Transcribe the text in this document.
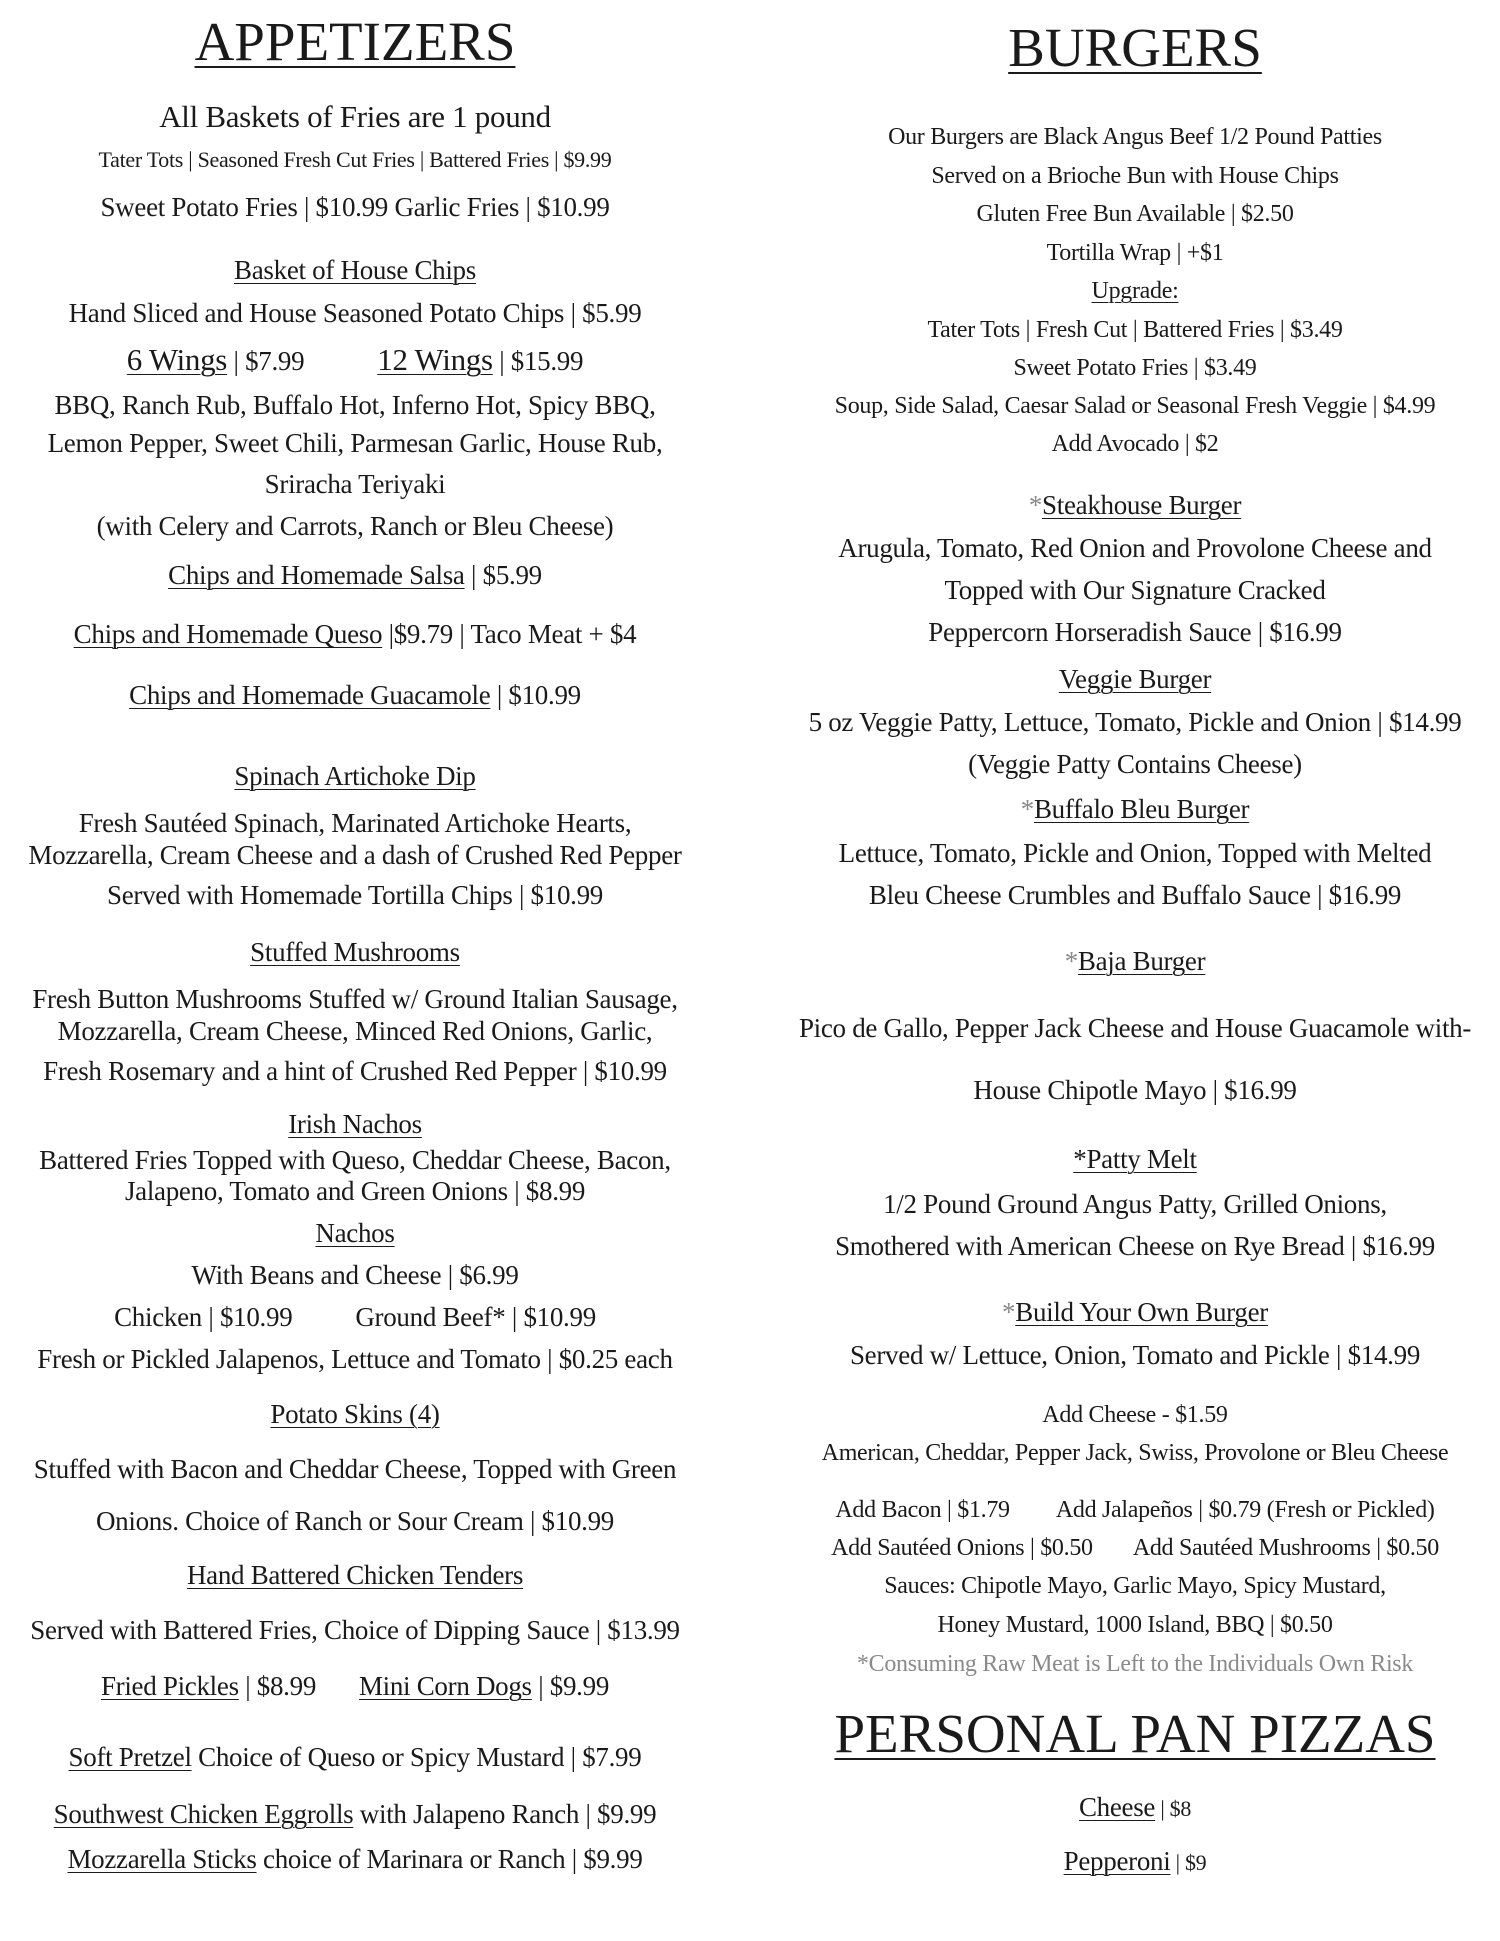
APPETIZERS
All Baskets of Fries are 1 pound
Tater Tots | Seasoned Fresh Cut Fries | Battered Fries | $9.99
Sweet Potato Fries | $10.99 Garlic Fries | $10.99
Basket of House Chips
Hand Sliced and House Seasoned Potato Chips | $5.99
6 Wings | $7.99 12 Wings | $15.99
BBQ, Ranch Rub, Buffalo Hot, Inferno Hot, Spicy BBQ,
Lemon Pepper, Sweet Chili, Parmesan Garlic, House Rub,
Sriracha Teriyaki
(with Celery and Carrots, Ranch or Bleu Cheese)
Chips and Homemade Salsa | $5.99
Chips and Homemade Queso |$9.79 | Taco Meat + $4
Chips and Homemade Guacamole | $10.99
Spinach Artichoke Dip
Fresh Sautéed Spinach, Marinated Artichoke Hearts,
Mozzarella, Cream Cheese and a dash of Crushed Red Pepper
Served with Homemade Tortilla Chips | $10.99
Stuffed Mushrooms
Fresh Button Mushrooms Stuffed w/ Ground Italian Sausage,
Mozzarella, Cream Cheese, Minced Red Onions, Garlic,
Fresh Rosemary and a hint of Crushed Red Pepper | $10.99
Irish Nachos
Battered Fries Topped with Queso, Cheddar Cheese, Bacon,
Jalapeno, Tomato and Green Onions | $8.99
Nachos
With Beans and Cheese | $6.99
Chicken | $10.99 Ground Beef* | $10.99
Fresh or Pickled Jalapenos, Lettuce and Tomato | $0.25 each
Potato Skins (4)
Stuffed with Bacon and Cheddar Cheese, Topped with Green
Onions. Choice of Ranch or Sour Cream | $10.99
Hand Battered Chicken Tenders
Served with Battered Fries, Choice of Dipping Sauce | $13.99
Fried Pickles | $8.99 Mini Corn Dogs | $9.99
Soft Pretzel Choice of Queso or Spicy Mustard | $7.99
Southwest Chicken Eggrolls with Jalapeno Ranch | $9.99
Mozzarella Sticks choice of Marinara or Ranch | $9.99
BURGERS
Our Burgers are Black Angus Beef 1/2 Pound Patties
Served on a Brioche Bun with House Chips
Gluten Free Bun Available | $2.50
Tortilla Wrap | +$1
Upgrade:
Tater Tots | Fresh Cut | Battered Fries | $3.49
Sweet Potato Fries | $3.49
Soup, Side Salad, Caesar Salad or Seasonal Fresh Veggie | $4.99
Add Avocado | $2
*Steakhouse Burger
Arugula, Tomato, Red Onion and Provolone Cheese and
Topped with Our Signature Cracked
Peppercorn Horseradish Sauce | $16.99
Veggie Burger
5 oz Veggie Patty, Lettuce, Tomato, Pickle and Onion | $14.99
(Veggie Patty Contains Cheese)
*Buffalo Bleu Burger
Lettuce, Tomato, Pickle and Onion, Topped with Melted
Bleu Cheese Crumbles and Buffalo Sauce | $16.99
*Baja Burger
Pico de Gallo, Pepper Jack Cheese and House Guacamole with-
House Chipotle Mayo | $16.99
*Patty Melt
1/2 Pound Ground Angus Patty, Grilled Onions,
Smothered with American Cheese on Rye Bread | $16.99
*Build Your Own Burger
Served w/ Lettuce, Onion, Tomato and Pickle | $14.99
Add Cheese - $1.59
American, Cheddar, Pepper Jack, Swiss, Provolone or Bleu Cheese
Add Bacon | $1.79 Add Jalapeños | $0.79 (Fresh or Pickled)
Add Sautéed Onions | $0.50 Add Sautéed Mushrooms | $0.50
Sauces: Chipotle Mayo, Garlic Mayo, Spicy Mustard,
Honey Mustard, 1000 Island, BBQ | $0.50
*Consuming Raw Meat is Left to the Individuals Own Risk
PERSONAL PAN PIZZAS
Cheese | $8
Pepperoni | $9
